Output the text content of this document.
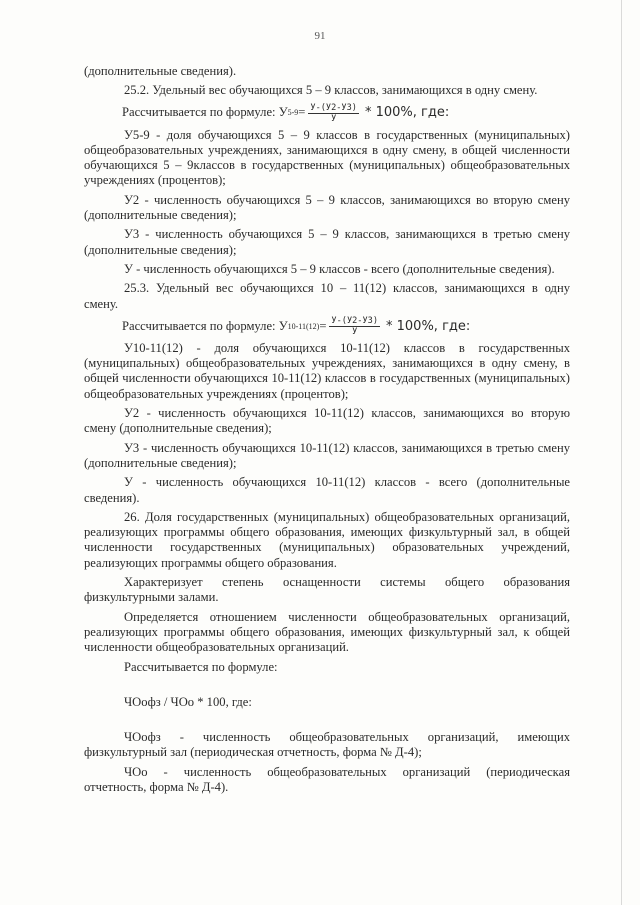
91

(дополнительные сведения).

25.2. Удельный вес обучающихся 5 – 9 классов, занимающихся в одну смену.

Рассчитывается по формуле: У $5-9 = \frac{У-(У2-У3)}{У} * 100\%$, где:

У5-9 - доля обучающихся 5 – 9 классов в государственных (муниципальных) общеобразовательных учреждениях, занимающихся в одну смену, в общей численности обучающихся 5 – 9классов в государственных (муниципальных) общеобразовательных учреждениях (процентов);

У2 - численность обучающихся 5 – 9 классов, занимающихся во вторую смену (дополнительные сведения);

У3 - численность обучающихся 5 – 9 классов, занимающихся в третью смену (дополнительные сведения);

У - численность обучающихся 5 – 9 классов - всего (дополнительные сведения).

25.3. Удельный вес обучающихся 10 – 11(12) классов, занимающихся в одну смену.

Рассчитывается по формуле: У $10-11(12) = \frac{У-(У2-У3)}{У} * 100\%$, где:

У10-11(12) - доля обучающихся 10-11(12) классов в государственных (муниципальных) общеобразовательных учреждениях, занимающихся в одну смену, в общей численности обучающихся 10-11(12) классов в государственных (муниципальных) общеобразовательных учреждениях (процентов);

У2 - численность обучающихся 10-11(12) классов, занимающихся во вторую смену (дополнительные сведения);

У3 - численность обучающихся 10-11(12) классов, занимающихся в третью смену (дополнительные сведения);

У - численность обучающихся 10-11(12) классов - всего (дополнительные сведения).

26. Доля государственных (муниципальных) общеобразовательных организаций, реализующих программы общего образования, имеющих физкультурный зал, в общей численности государственных (муниципальных) образовательных учреждений, реализующих программы общего образования.

Характеризует степень оснащенности системы общего образования физкультурными залами.

Определяется отношением численности общеобразовательных организаций, реализующих программы общего образования, имеющих физкультурный зал, к общей численности общеобразовательных организаций.

Рассчитывается по формуле:

ЧОофз / ЧОо * 100, где:

ЧОофз - численность общеобразовательных организаций, имеющих физкультурный зал (периодическая отчетность, форма № Д-4);

ЧОо - численность общеобразовательных организаций (периодическая отчетность, форма № Д-4).
